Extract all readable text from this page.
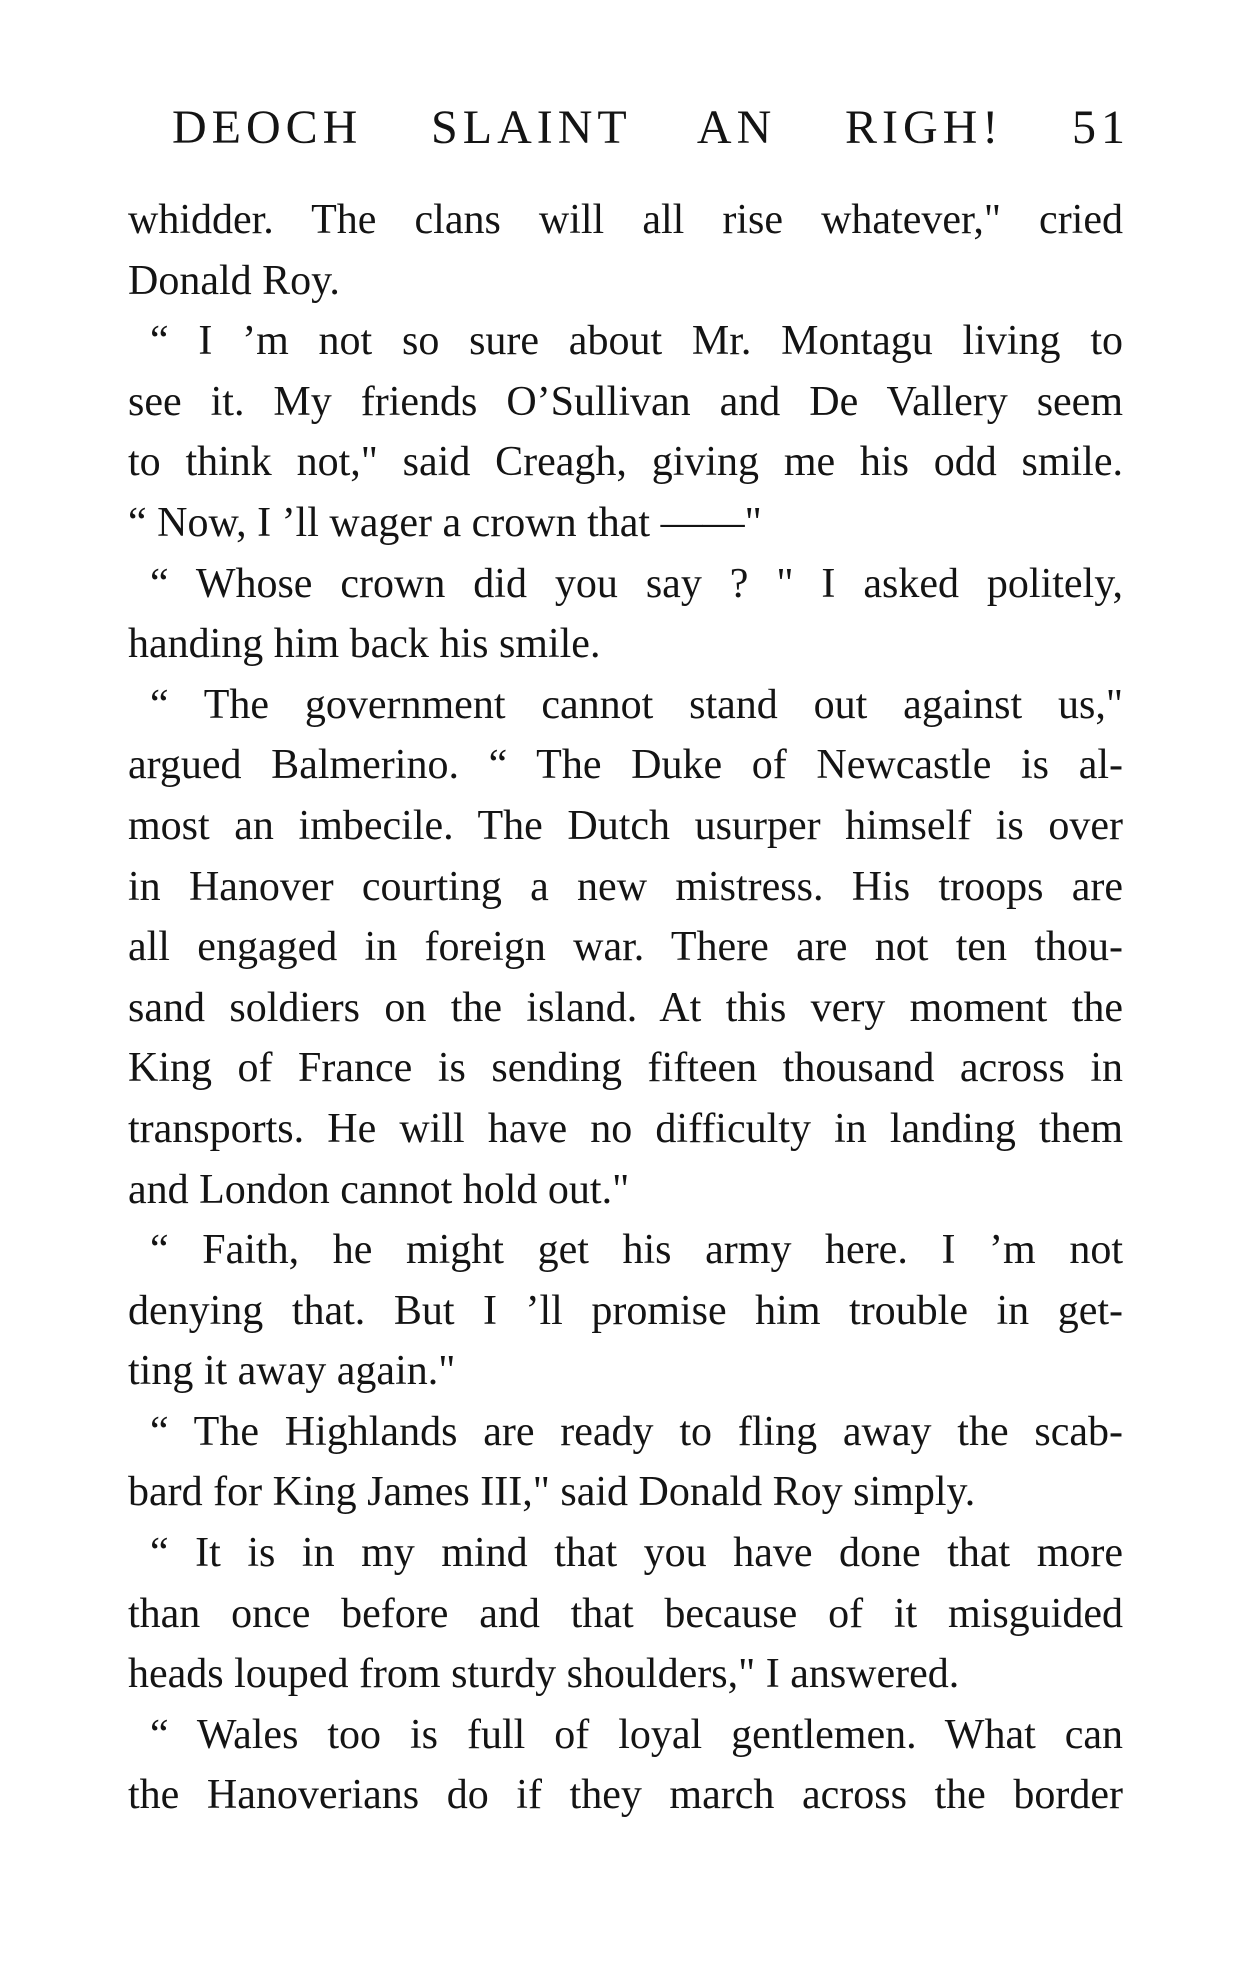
DEOCH SLAINT AN RIGH! 51
whidder. The clans will all rise whatever," cried
Donald Roy.
“ I ’m not so sure about Mr. Montagu living to
see it. My friends O’Sullivan and De Vallery seem
to think not," said Creagh, giving me his odd smile.
“ Now, I ’ll wager a crown that ——"
“ Whose crown did you say ? " I asked politely,
handing him back his smile.
“ The government cannot stand out against us,"
argued Balmerino. “ The Duke of Newcastle is al-
most an imbecile. The Dutch usurper himself is over
in Hanover courting a new mistress. His troops are
all engaged in foreign war. There are not ten thou-
sand soldiers on the island. At this very moment the
King of France is sending fifteen thousand across in
transports. He will have no difficulty in landing them
and London cannot hold out."
“ Faith, he might get his army here. I ’m not
denying that. But I ’ll promise him trouble in get-
ting it away again."
“ The Highlands are ready to fling away the scab-
bard for King James III," said Donald Roy simply.
“ It is in my mind that you have done that more
than once before and that because of it misguided
heads louped from sturdy shoulders," I answered.
“ Wales too is full of loyal gentlemen. What can
the Hanoverians do if they march across the border
